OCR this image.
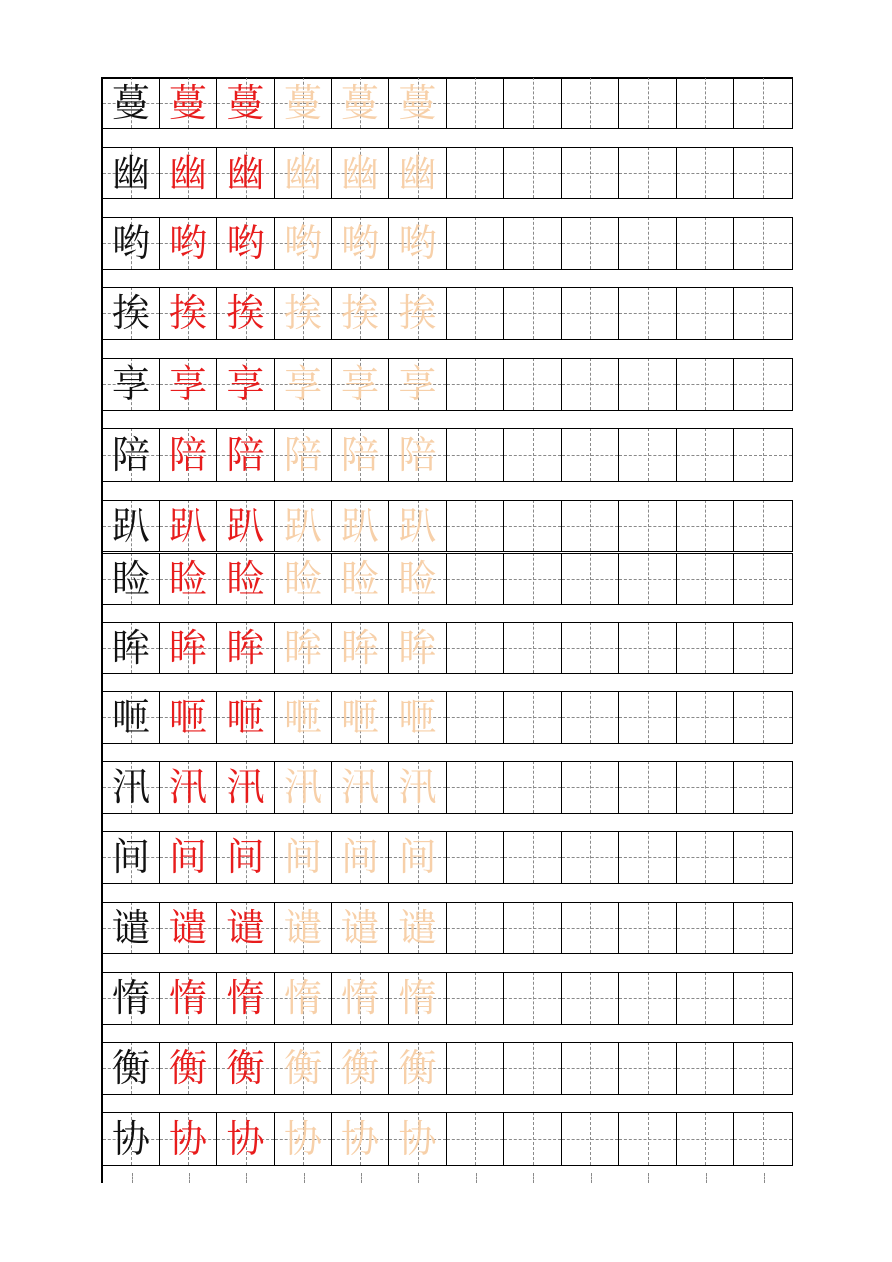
蔓 蔓 蔓 蔓 蔓 蔓
幽 幽 幽 幽 幽 幽
哟 哟 哟 哟 哟 哟
挨 挨 挨 挨 挨 挨
享 享 享 享 享 享
陪 陪 陪 陪 陪 陪
趴 趴 趴 趴 趴 趴
睑 睑 睑 睑 睑 睑
眸 眸 眸 眸 眸 眸
咂 咂 咂 咂 咂 咂
汛 汛 汛 汛 汛 汛
间 间 间 间 间 间
谴 谴 谴 谴 谴 谴
惰 惰 惰 惰 惰 惰
衡 衡 衡 衡 衡 衡
协 协 协 协 协 协
